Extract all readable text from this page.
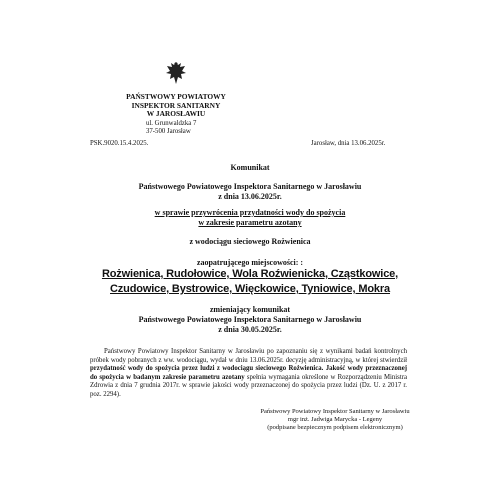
PAŃSTWOWY POWIATOWY
INSPEKTOR SANITARNY
W JAROSŁAWIU
ul. Grunwaldzka 7
37-500 Jarosław
PSK.9020.15.4.2025.	Jarosław, dnia 13.06.2025r.
Komunikat
Państwowego Powiatowego Inspektora Sanitarnego w Jarosławiu
z dnia 13.06.2025r.
w sprawie przywrócenia przydatności wody do spożycia
w zakresie parametru azotany
z wodociągu sieciowego Rożwienica
zaopatrującego miejscowości: :
Rożwienica, Rudołowice, Wola Roźwienicka, Cząstkowice,
Czudowice, Bystrowice, Więckowice, Tyniowice, Mokra
zmieniający komunikat
Państwowego Powiatowego Inspektora Sanitarnego w Jarosławiu
z dnia 30.05.2025r.
Państwowy Powiatowy Inspektor Sanitarny w Jarosławiu po zapoznaniu się z wynikami badań kontrolnych próbek wody pobranych z ww. wodociągu, wydał w dniu 13.06.2025r. decyzję administracyjną, w której stwierdził przydatność wody do spożycia przez ludzi z wodociągu sieciowego Rożwienica. Jakość wody przeznaczonej do spożycia w badanym zakresie parametru azotany spełnia wymagania określone w Rozporządzeniu Ministra Zdrowia z dnia 7 grudnia 2017r. w sprawie jakości wody przeznaczonej do spożycia przez ludzi (Dz. U. z 2017 r. poz. 2294).
Państwowy Powiatowy Inspektor Sanitarny w Jarosławiu
mgr inż. Jadwiga Marycka - Legeny
(podpisane bezpiecznym podpisem elektronicznym)
